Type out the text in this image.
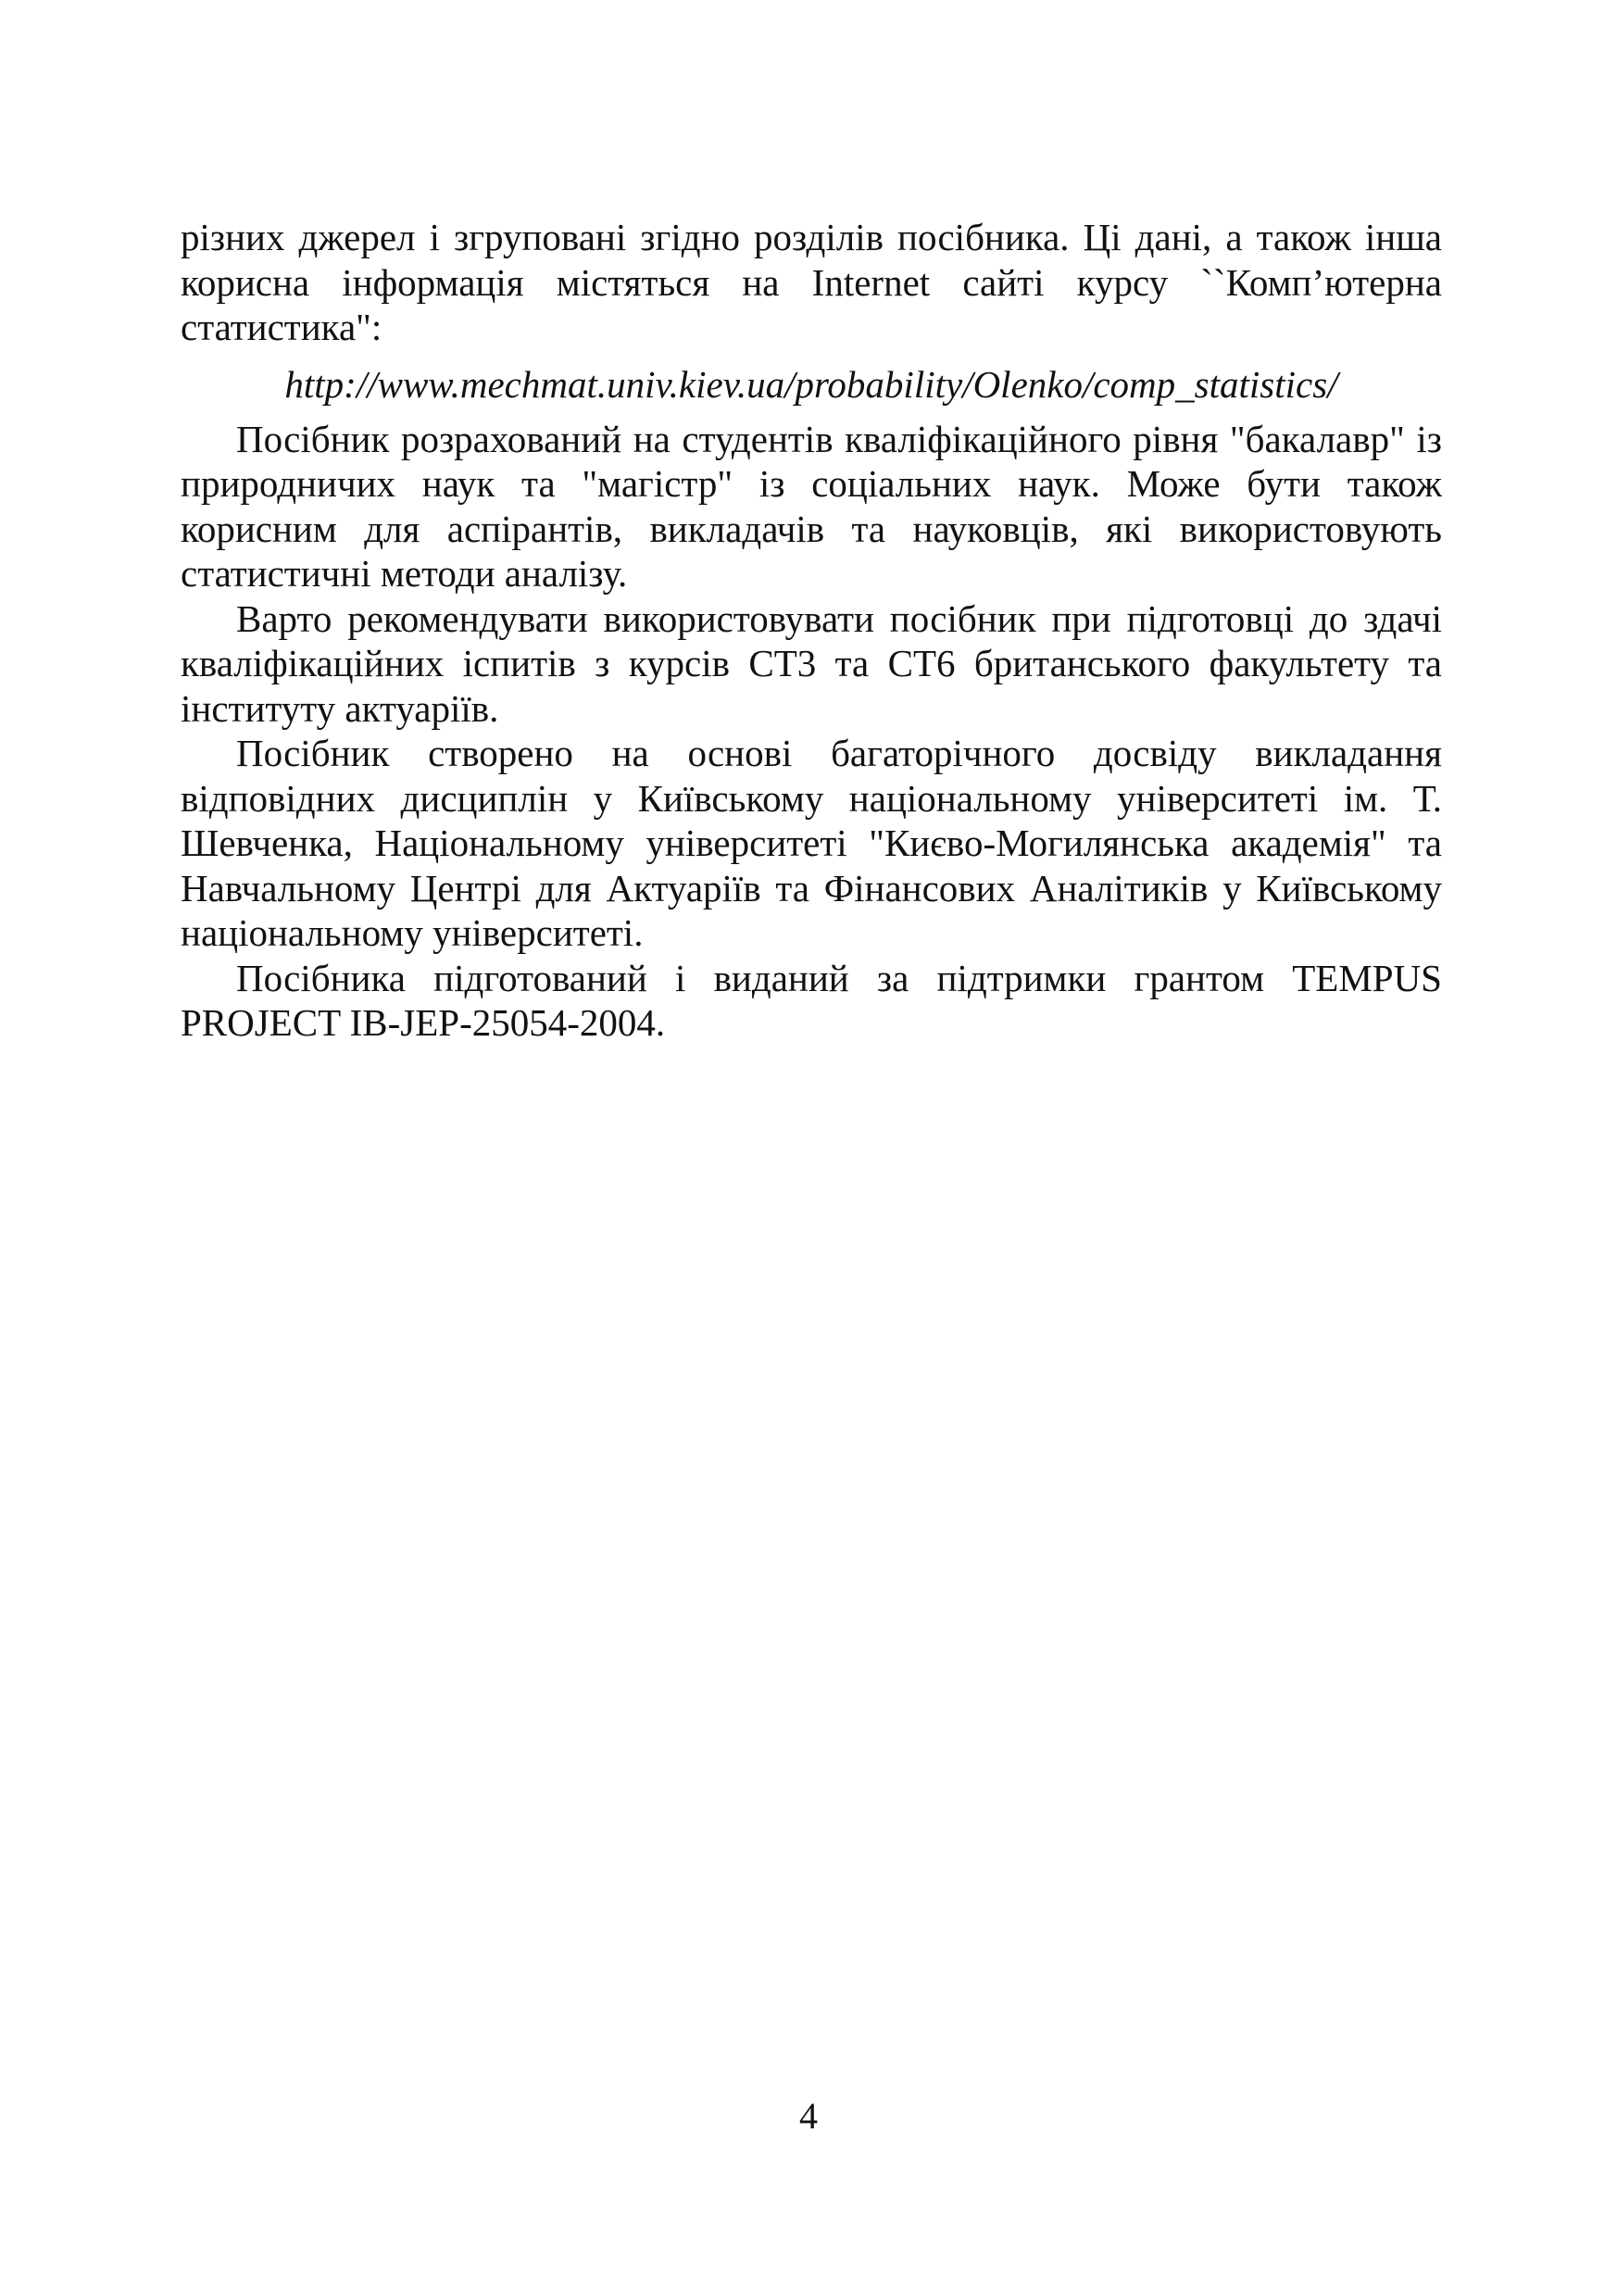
різних джерел і згруповані згідно розділів посібника. Ці дані, а також інша корисна інформація містяться на Internet сайті курсу ``Комп’ютерна статистика":

http://www.mechmat.univ.kiev.ua/probability/Olenko/comp_statistics/

Посібник розрахований на студентів кваліфікаційного рівня "бакалавр" із природничих наук та "магістр" із соціальних наук. Може бути також корисним для аспірантів, викладачів та науковців, які використовують статистичні методи аналізу.

Варто рекомендувати використовувати посібник при підготовці до здачі кваліфікаційних іспитів з курсів СТ3 та СТ6 британського факультету та інституту актуаріїв.

Посібник створено на основі багаторічного досвіду викладання відповідних дисциплін у Київському національному університеті ім. Т. Шевченка, Національному університеті "Києво-Могилянська академія" та Навчальному Центрі для Актуаріїв та Фінансових Аналітиків у Київському національному університеті.

Посібника підготований і виданий за підтримки грантом TEMPUS PROJECT IB-JEP-25054-2004.

4
